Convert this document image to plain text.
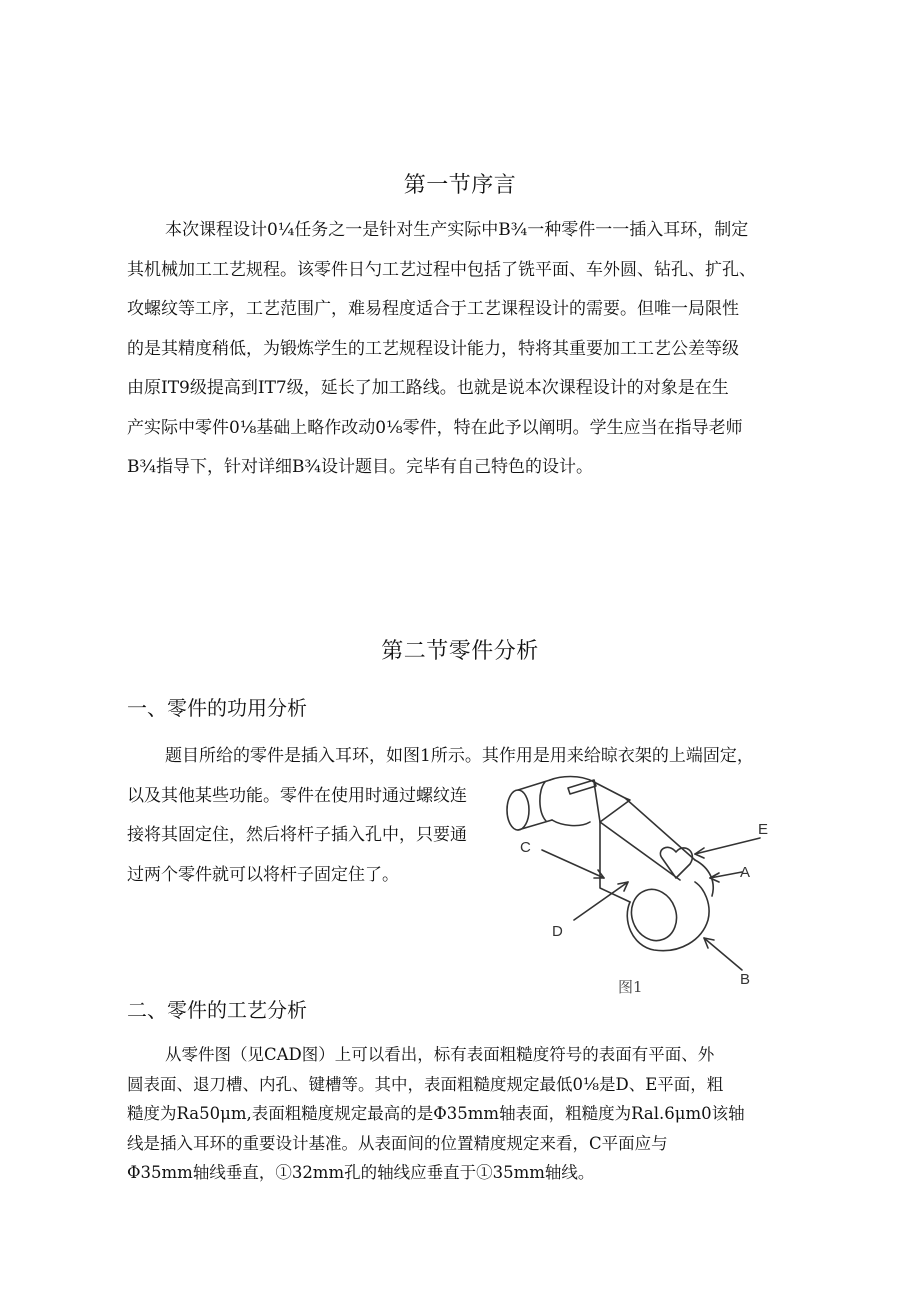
第一节序言
本次课程设计0¼任务之一是针对生产实际中B¾一种零件一一插入耳环，制定
其机械加工工艺规程。该零件日勺工艺过程中包括了铣平面、车外圆、钻孔、扩孔、
攻螺纹等工序，工艺范围广，难易程度适合于工艺课程设计的需要。但唯一局限性
的是其精度稍低，为锻炼学生的工艺规程设计能力，特将其重要加工工艺公差等级
由原IT9级提高到IT7级，延长了加工路线。也就是说本次课程设计的对象是在生
产实际中零件0⅛基础上略作改动0⅛零件，特在此予以阐明。学生应当在指导老师
B¾指导下，针对详细B¾设计题目。完毕有自己特色的设计。
第二节零件分析
一、零件的功用分析
题目所给的零件是插入耳环，如图1所示。其作用是用来给晾衣架的上端固定，
以及其他某些功能。零件在使用时通过螺纹连
接将其固定住，然后将杆子插入孔中，只要通
过两个零件就可以将杆子固定住了。
E
C
A
D
B
图1
二、零件的工艺分析
从零件图（见CAD图）上可以看出，标有表面粗糙度符号的表面有平面、外
圆表面、退刀槽、内孔、键槽等。其中，表面粗糙度规定最低0⅛是D、E平面，粗
糙度为Ra50μm,表面粗糙度规定最高的是Φ35mm轴表面，粗糙度为Ral.6μm0该轴
线是插入耳环的重要设计基准。从表面间的位置精度规定来看，C平面应与
Φ35mm轴线垂直，①32mm孔的轴线应垂直于①35mm轴线。
